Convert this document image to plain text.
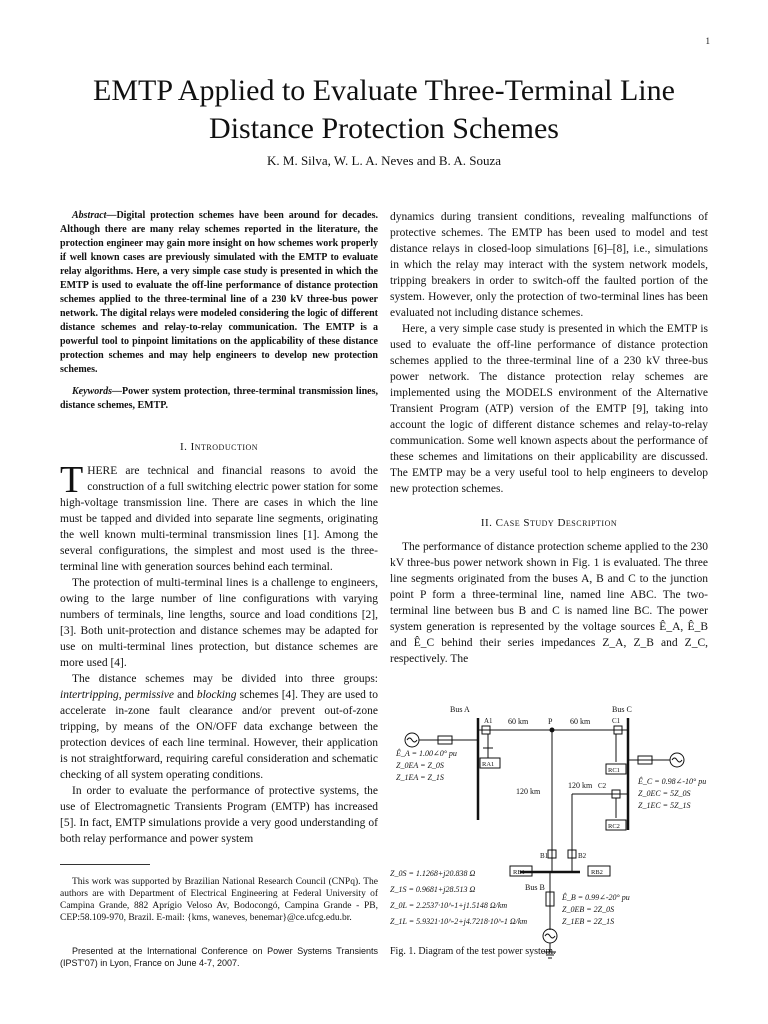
1
EMTP Applied to Evaluate Three-Terminal Line Distance Protection Schemes
K. M. Silva, W. L. A. Neves and B. A. Souza

Abstract—Digital protection schemes have been around for decades. Although there are many relay schemes reported in the literature, the protection engineer may gain more insight on how schemes work properly if well known cases are previously simulated with the EMTP to evaluate relay algorithms. Here, a very simple case study is presented in which the EMTP is used to evaluate the off-line performance of distance protection schemes applied to the three-terminal line of a 230 kV three-bus power network. The digital relays were modeled considering the logic of different distance schemes and relay-to-relay communication. The EMTP is a powerful tool to pinpoint limitations on the applicability of these distance protection schemes and may help engineers to develop new protection schemes.

Keywords—Power system protection, three-terminal transmission lines, distance schemes, EMTP.

I. Introduction

THERE are technical and financial reasons to avoid the construction of a full switching electric power station for some high-voltage transmission line. There are cases in which the line must be tapped and divided into separate line segments, originating the well known multi-terminal transmission lines [1]. Among the several configurations, the simplest and most used is the three-terminal line with generation sources behind each terminal.

The protection of multi-terminal lines is a challenge to engineers, owing to the large number of line configurations with varying numbers of terminals, line lengths, source and load conditions [2], [3]. Both unit-protection and distance schemes may be adapted for use on multi-terminal lines protection, but distance schemes are more used [4].

The distance schemes may be divided into three groups: intertripping, permissive and blocking schemes [4]. They are used to accelerate in-zone fault clearance and/or prevent out-of-zone tripping, by means of the ON/OFF data exchange between the protection devices of each line terminal. However, their application is not straightforward, requiring careful consideration and schematic checking of all system operating conditions.

In order to evaluate the performance of protective systems, the use of Electromagnetic Transients Program (EMTP) has increased [5]. In fact, EMTP simulations provide a very good understanding of both relay performance and power system

This work was supported by Brazilian National Research Council (CNPq). The authors are with Department of Electrical Engineering at Federal University of Campina Grande, 882 Aprígio Veloso Av, Bodocongó, Campina Grande - PB, CEP:58.109-970, Brazil. E-mail: {kms, waneves, benemar}@ce.ufcg.edu.br.

Presented at the International Conference on Power Systems Transients (IPST'07) in Lyon, France on June 4-7, 2007.

dynamics during transient conditions, revealing malfunctions of protective schemes. The EMTP has been used to model and test distance relays in closed-loop simulations [6]–[8], i.e., simulations in which the relay may interact with the system network models, tripping breakers in order to switch-off the faulted portion of the system. However, only the protection of two-terminal lines has been evaluated not including distance schemes.

Here, a very simple case study is presented in which the EMTP is used to evaluate the off-line performance of distance protection schemes applied to the three-terminal line of a 230 kV three-bus power network. The distance protection relay schemes are implemented using the MODELS environment of the Alternative Transient Program (ATP) version of the EMTP [9], taking into account the logic of different distance schemes and relay-to-relay communication. Some well known aspects about the performance of these schemes and limitations on their applicability are discussed. The EMTP may be a very useful tool to help engineers to develop new protection schemes.

II. Case Study Description

The performance of distance protection scheme applied to the 230 kV three-bus power network shown in Fig. 1 is evaluated. The three line segments originated from the buses A, B and C to the junction point P form a three-terminal line, named line ABC. The two-terminal line between bus B and C is named line BC. The power system generation is represented by the voltage sources Ê_A, Ê_B and Ê_C behind their series impedances Z_A, Z_B and Z_C, respectively. The

Bus A	Bus C
Bus B
P
60 km	60 km
120 km
120 km
A1	C1
C2
B1	B2
RA1
RC1
RC2
RB1	RB2
Ê_A = 1.00∠0° pu
Z_0EA = Z_0S
Z_1EA = Z_1S	Ê_C = 0.98∠-10° pu
Z_0EC = 5Z_0S
Z_1EC = 5Z_1S
Ê_B = 0.99∠-20° pu
Z_0EB = 2Z_0S
Z_1EB = 2Z_1S
Z_0S = 1.1268+j20.838 Ω
Z_1S = 0.9681+j28.513 Ω
Z_0L = 2.2537·10^-1+j1.5148 Ω/km
Z_1L = 5.9321·10^-2+j4.7218·10^-1 Ω/km
Fig. 1. Diagram of the test power system.
